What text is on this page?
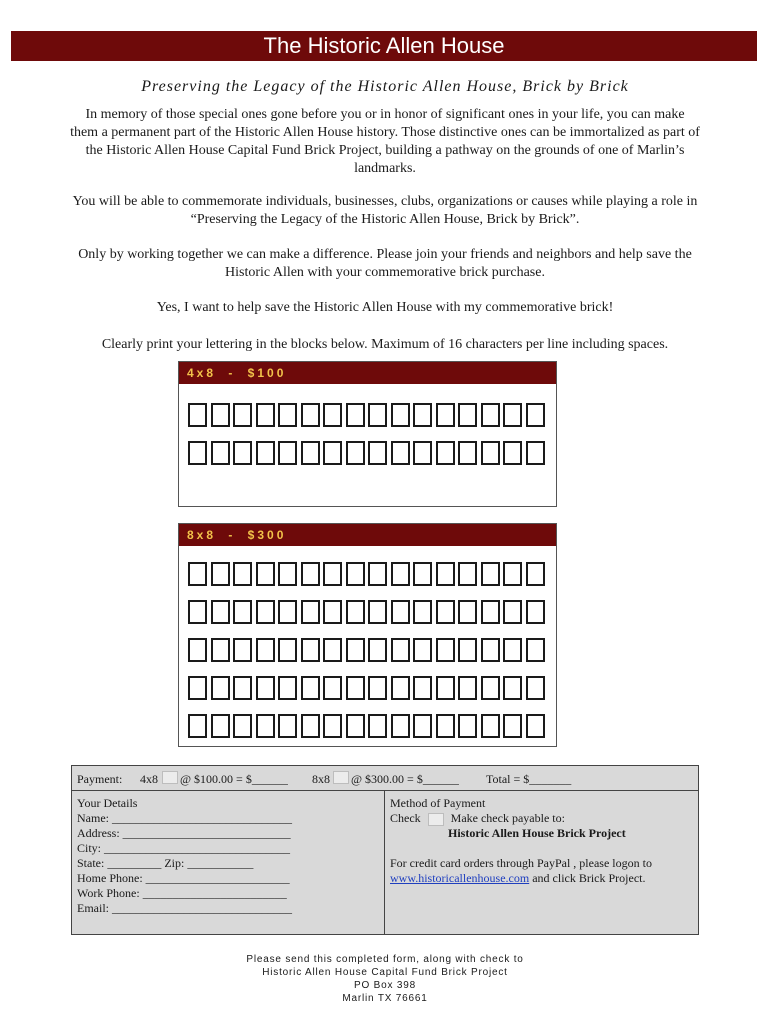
The Historic Allen House
Preserving the Legacy of the Historic Allen House, Brick by Brick
In memory of those special ones gone before you or in honor of significant ones in your life, you can make them a permanent part of the Historic Allen House history. Those distinctive ones can be immortalized as part of the Historic Allen House Capital Fund Brick Project, building a pathway on the grounds of one of Marlin’s landmarks.
You will be able to commemorate individuals, businesses, clubs, organizations or causes while playing a role in “Preserving the Legacy of the Historic Allen House, Brick by Brick”.
Only by working together we can make a difference. Please join your friends and neighbors and help save the Historic Allen with your commemorative brick purchase.
Yes, I want to help save the Historic Allen House with my commemorative brick!
Clearly print your lettering in the blocks below. Maximum of 16 characters per line including spaces.
4x8 - $100
8x8 - $300
Payment: 4x8 @ $100.00 = $______ 8x8 @ $300.00 = $______ Total = $_______
Your Details
Name: ______________________________
Address: ____________________________
City: _______________________________
State: _________ Zip: ___________
Home Phone: ________________________
Work Phone: ________________________
Email: ______________________________
Method of Payment
Check	Make check payable to:
Historic Allen House Brick Project
For credit card orders through PayPal , please logon to
www.historicallenhouse.com and click Brick Project.
Please send this completed form, along with check to
Historic Allen House Capital Fund Brick Project
PO Box 398
Marlin TX 76661
